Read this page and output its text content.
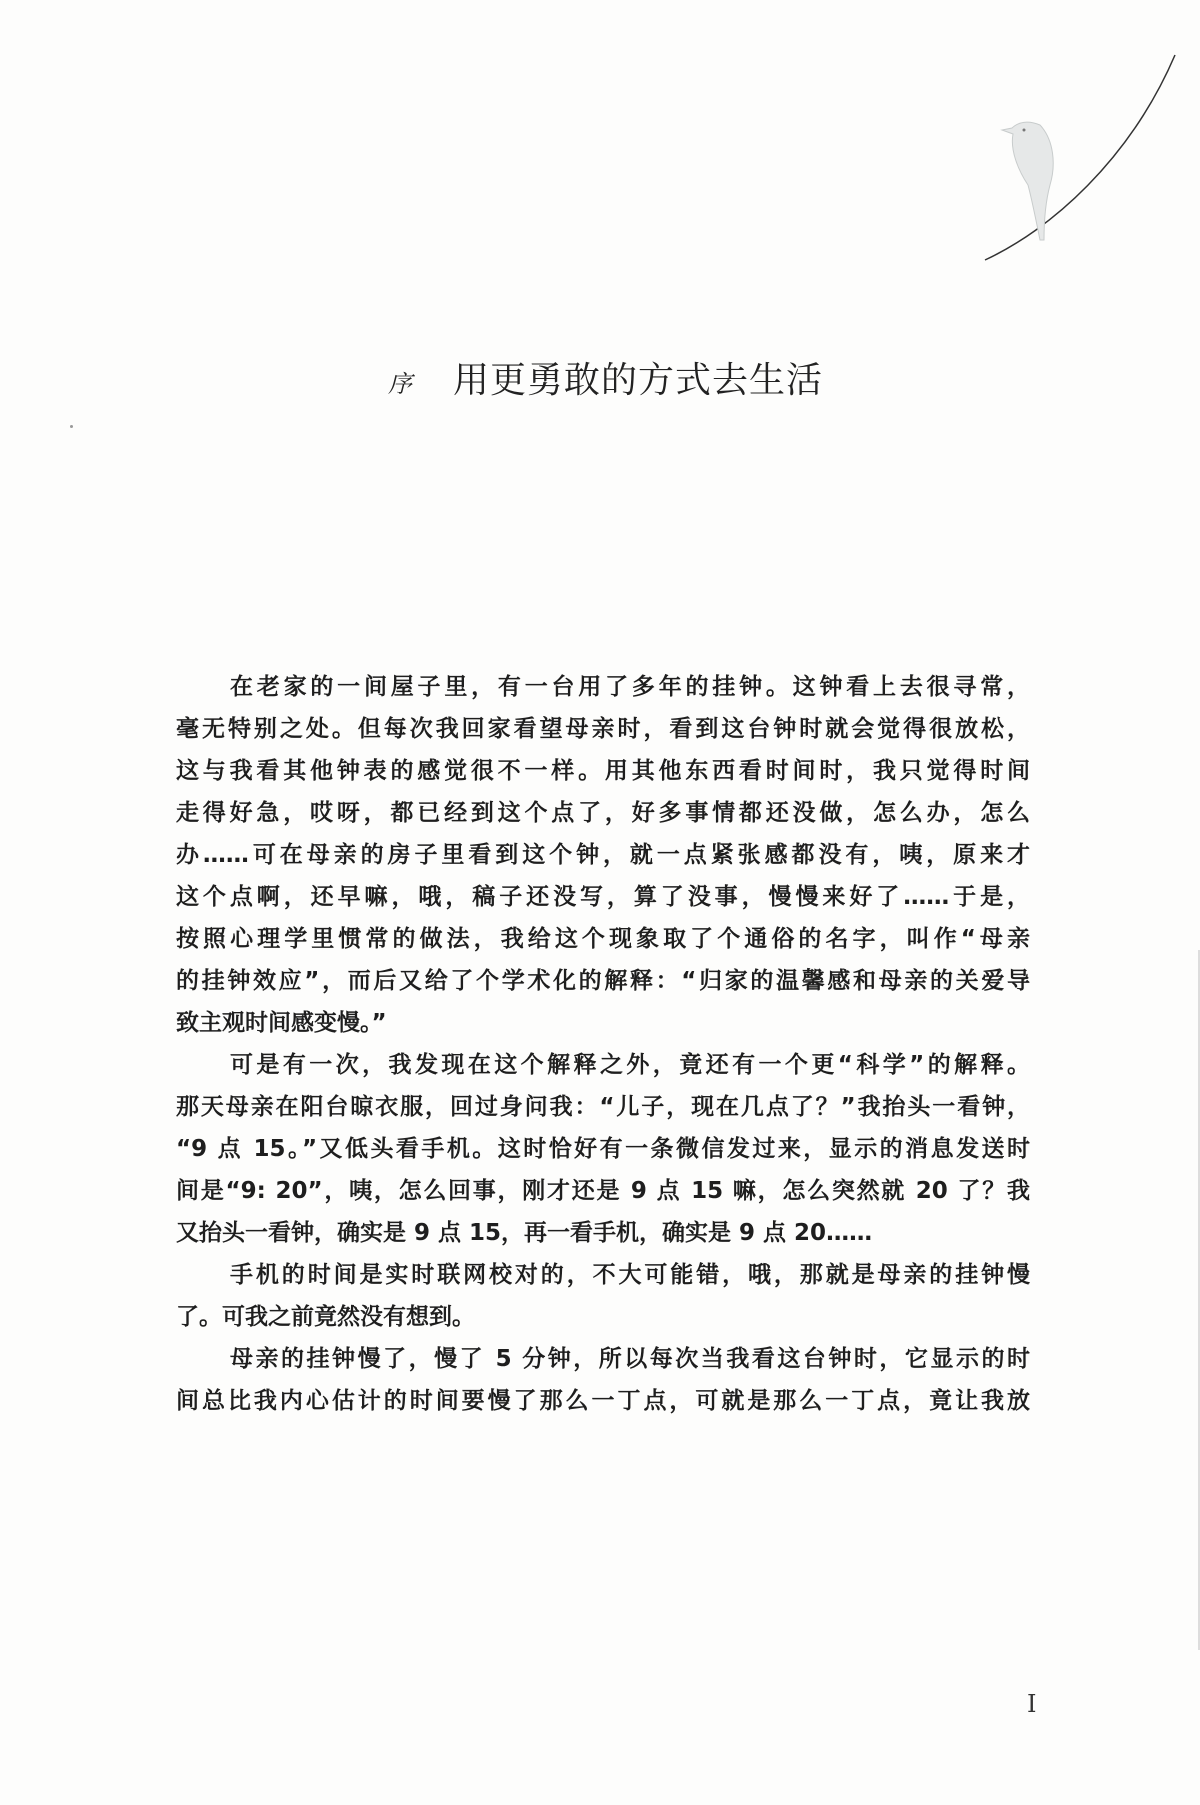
序 用更勇敢的方式去生活
在老家的一间屋子里，有一台用了多年的挂钟。这钟看上去很寻常，
毫无特别之处。但每次我回家看望母亲时，看到这台钟时就会觉得很放松，
这与我看其他钟表的感觉很不一样。用其他东西看时间时，我只觉得时间
走得好急，哎呀，都已经到这个点了，好多事情都还没做，怎么办，怎么
办……可在母亲的房子里看到这个钟，就一点紧张感都没有，咦，原来才
这个点啊，还早嘛，哦，稿子还没写，算了没事，慢慢来好了……于是，
按照心理学里惯常的做法，我给这个现象取了个通俗的名字，叫作“母亲
的挂钟效应”，而后又给了个学术化的解释：“归家的温馨感和母亲的关爱导
致主观时间感变慢。”
可是有一次，我发现在这个解释之外，竟还有一个更“科学”的解释。
那天母亲在阳台晾衣服，回过身问我：“儿子，现在几点了？”我抬头一看钟，
“9 点 15。”又低头看手机。这时恰好有一条微信发过来，显示的消息发送时
间是“9: 20”，咦，怎么回事，刚才还是 9 点 15 嘛，怎么突然就 20 了？我
又抬头一看钟，确实是 9 点 15，再一看手机，确实是 9 点 20……
手机的时间是实时联网校对的，不大可能错，哦，那就是母亲的挂钟慢
了。可我之前竟然没有想到。
母亲的挂钟慢了，慢了 5 分钟，所以每次当我看这台钟时，它显示的时
间总比我内心估计的时间要慢了那么一丁点，可就是那么一丁点，竟让我放
I
